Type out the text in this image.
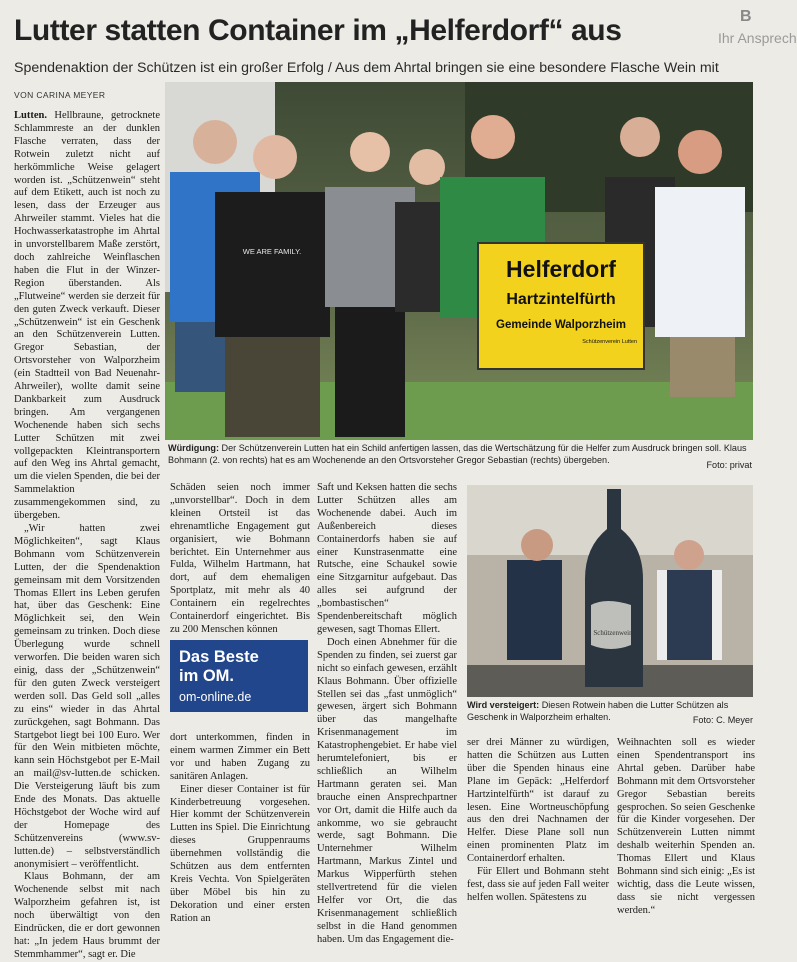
Ihr Ansprech
B
Lutter statten Container im „Helferdorf“ aus
Spendenaktion der Schützen ist ein großer Erfolg / Aus dem Ahrtal bringen sie eine besondere Flasche Wein mit
VON CARINA MEYER

Lutten. Hellbraune, getrocknete Schlammreste an der dunklen Flasche verraten, dass der Rotwein zuletzt nicht auf herkömmliche Weise gelagert worden ist. „Schützenwein“ steht auf dem Etikett, auch ist noch zu lesen, dass der Erzeuger aus Ahrweiler stammt. Vieles hat die Hochwasserkatastrophe im Ahrtal in unvorstellbarem Maße zerstört, doch zahlreiche Weinflaschen haben die Flut in der Winzer-Region überstanden. Als „Flutweine“ werden sie derzeit für den guten Zweck verkauft. Dieser „Schützenwein“ ist ein Geschenk an den Schützenverein Lutten. Gregor Sebastian, der Ortsvorsteher von Walporzheim (ein Stadtteil von Bad Neuenahr-Ahrweiler), wollte damit seine Dankbarkeit zum Ausdruck bringen. Am vergangenen Wochenende haben sich sechs Lutter Schützen mit zwei vollgepackten Kleintransportern auf den Weg ins Ahrtal gemacht, um die vielen Spenden, die bei der Sammelaktion zusammengekommen sind, zu übergeben.

„Wir hatten zwei Möglichkeiten“, sagt Klaus Bohmann vom Schützenverein Lutten, der die Spendenaktion gemeinsam mit dem Vorsitzenden Thomas Ellert ins Leben gerufen hat, über das Geschenk: Eine Möglichkeit sei, den Wein gemeinsam zu trinken. Doch diese Überlegung wurde schnell verworfen. Die beiden waren sich einig, dass der „Schützenwein“ für den guten Zweck versteigert werden soll. Das Geld soll „alles zu eins“ wieder in das Ahrtal zurückgehen, sagt Bohmann. Das Startgebot liegt bei 100 Euro. Wer für den Wein mitbieten möchte, kann sein Höchstgebot per E-Mail an mail@sv-lutten.de schicken. Die Versteigerung läuft bis zum Ende des Monats. Das aktuelle Höchstgebot der Woche wird auf der Homepage des Schützenvereins (www.sv-lutten.de) – selbstverständlich anonymisiert – veröffentlicht.

Klaus Bohmann, der am Wochenende selbst mit nach Walporzheim gefahren ist, ist noch überwältigt von den Eindrücken, die er dort gewonnen hat: „In jedem Haus brummt der Stemmhammer“, sagt er. Die

WE ARE FAMILY.
Helferdorf
Hartzintelfürth
Gemeinde Walporzheim
Schützenverein Lutten
Würdigung: Der Schützenverein Lutten hat ein Schild anfertigen lassen, das die Wertschätzung für die Helfer zum Ausdruck bringen soll. Klaus Bohmann (2. von rechts) hat es am Wochenende an den Ortsvorsteher Gregor Sebastian (rechts) übergeben.	Foto: privat

Schäden seien noch immer „unvorstellbar“. Doch in dem kleinen Ortsteil ist das ehrenamtliche Engagement gut organisiert, wie Bohmann berichtet. Ein Unternehmer aus Fulda, Wilhelm Hartmann, hat dort, auf dem ehemaligen Sportplatz, mit mehr als 40 Containern ein regelrechtes Containerdorf eingerichtet. Bis zu 200 Menschen können

Das Beste
im OM.
om-online.de

dort unterkommen, finden in einem warmen Zimmer ein Bett vor und haben Zugang zu sanitären Anlagen.

Einer dieser Container ist für Kinderbetreuung vorgesehen. Hier kommt der Schützenverein Lutten ins Spiel. Die Einrichtung dieses Gruppenraums übernehmen vollständig die Schützen aus dem entfernten Kreis Vechta. Von Spielgeräten über Möbel bis hin zu Dekoration und einer ersten Ration an

Saft und Keksen hatten die sechs Lutter Schützen alles am Wochenende dabei. Auch im Außenbereich dieses Containerdorfs haben sie auf einer Kunstrasenmatte eine Rutsche, eine Schaukel sowie eine Sitzgarnitur aufgebaut. Das alles sei aufgrund der „bombastischen“ Spendenbereitschaft möglich gewesen, sagt Thomas Ellert.

Doch einen Abnehmer für die Spenden zu finden, sei zuerst gar nicht so einfach gewesen, erzählt Klaus Bohmann. Über offizielle Stellen sei das „fast unmöglich“ gewesen, ärgert sich Bohmann über das mangelhafte Krisenmanagement im Katastrophengebiet. Er habe viel herumtelefoniert, bis er schließlich an Wilhelm Hartmann geraten sei. Man brauche einen Ansprechpartner vor Ort, damit die Hilfe auch da ankomme, wo sie gebraucht werde, sagt Bohmann. Die Unternehmer Wilhelm Hartmann, Markus Zintel und Markus Wipperfürth stehen stellvertretend für die vielen Helfer vor Ort, die das Krisenmanagement schließlich selbst in die Hand genommen haben. Um das Engagement die-

Schützenwein
Wird versteigert: Diesen Rotwein haben die Lutter Schützen als Geschenk in Walporzheim erhalten.	Foto: C. Meyer

ser drei Männer zu würdigen, hatten die Schützen aus Lutten über die Spenden hinaus eine Plane im Gepäck: „Helferdorf Hartzintelfürth“ ist darauf zu lesen. Eine Wortneuschöpfung aus den drei Nachnamen der Helfer. Diese Plane soll nun einen prominenten Platz im Containerdorf erhalten.

Für Ellert und Bohmann steht fest, dass sie auf jeden Fall weiter helfen wollen. Spätestens zu

Weihnachten soll es wieder einen Spendentransport ins Ahrtal geben. Darüber habe Bohmann mit dem Ortsvorsteher Gregor Sebastian bereits gesprochen. So seien Geschenke für die Kinder vorgesehen. Der Schützenverein Lutten nimmt deshalb weiterhin Spenden an. Thomas Ellert und Klaus Bohmann sind sich einig: „Es ist wichtig, dass die Leute wissen, dass sie nicht vergessen werden.“
